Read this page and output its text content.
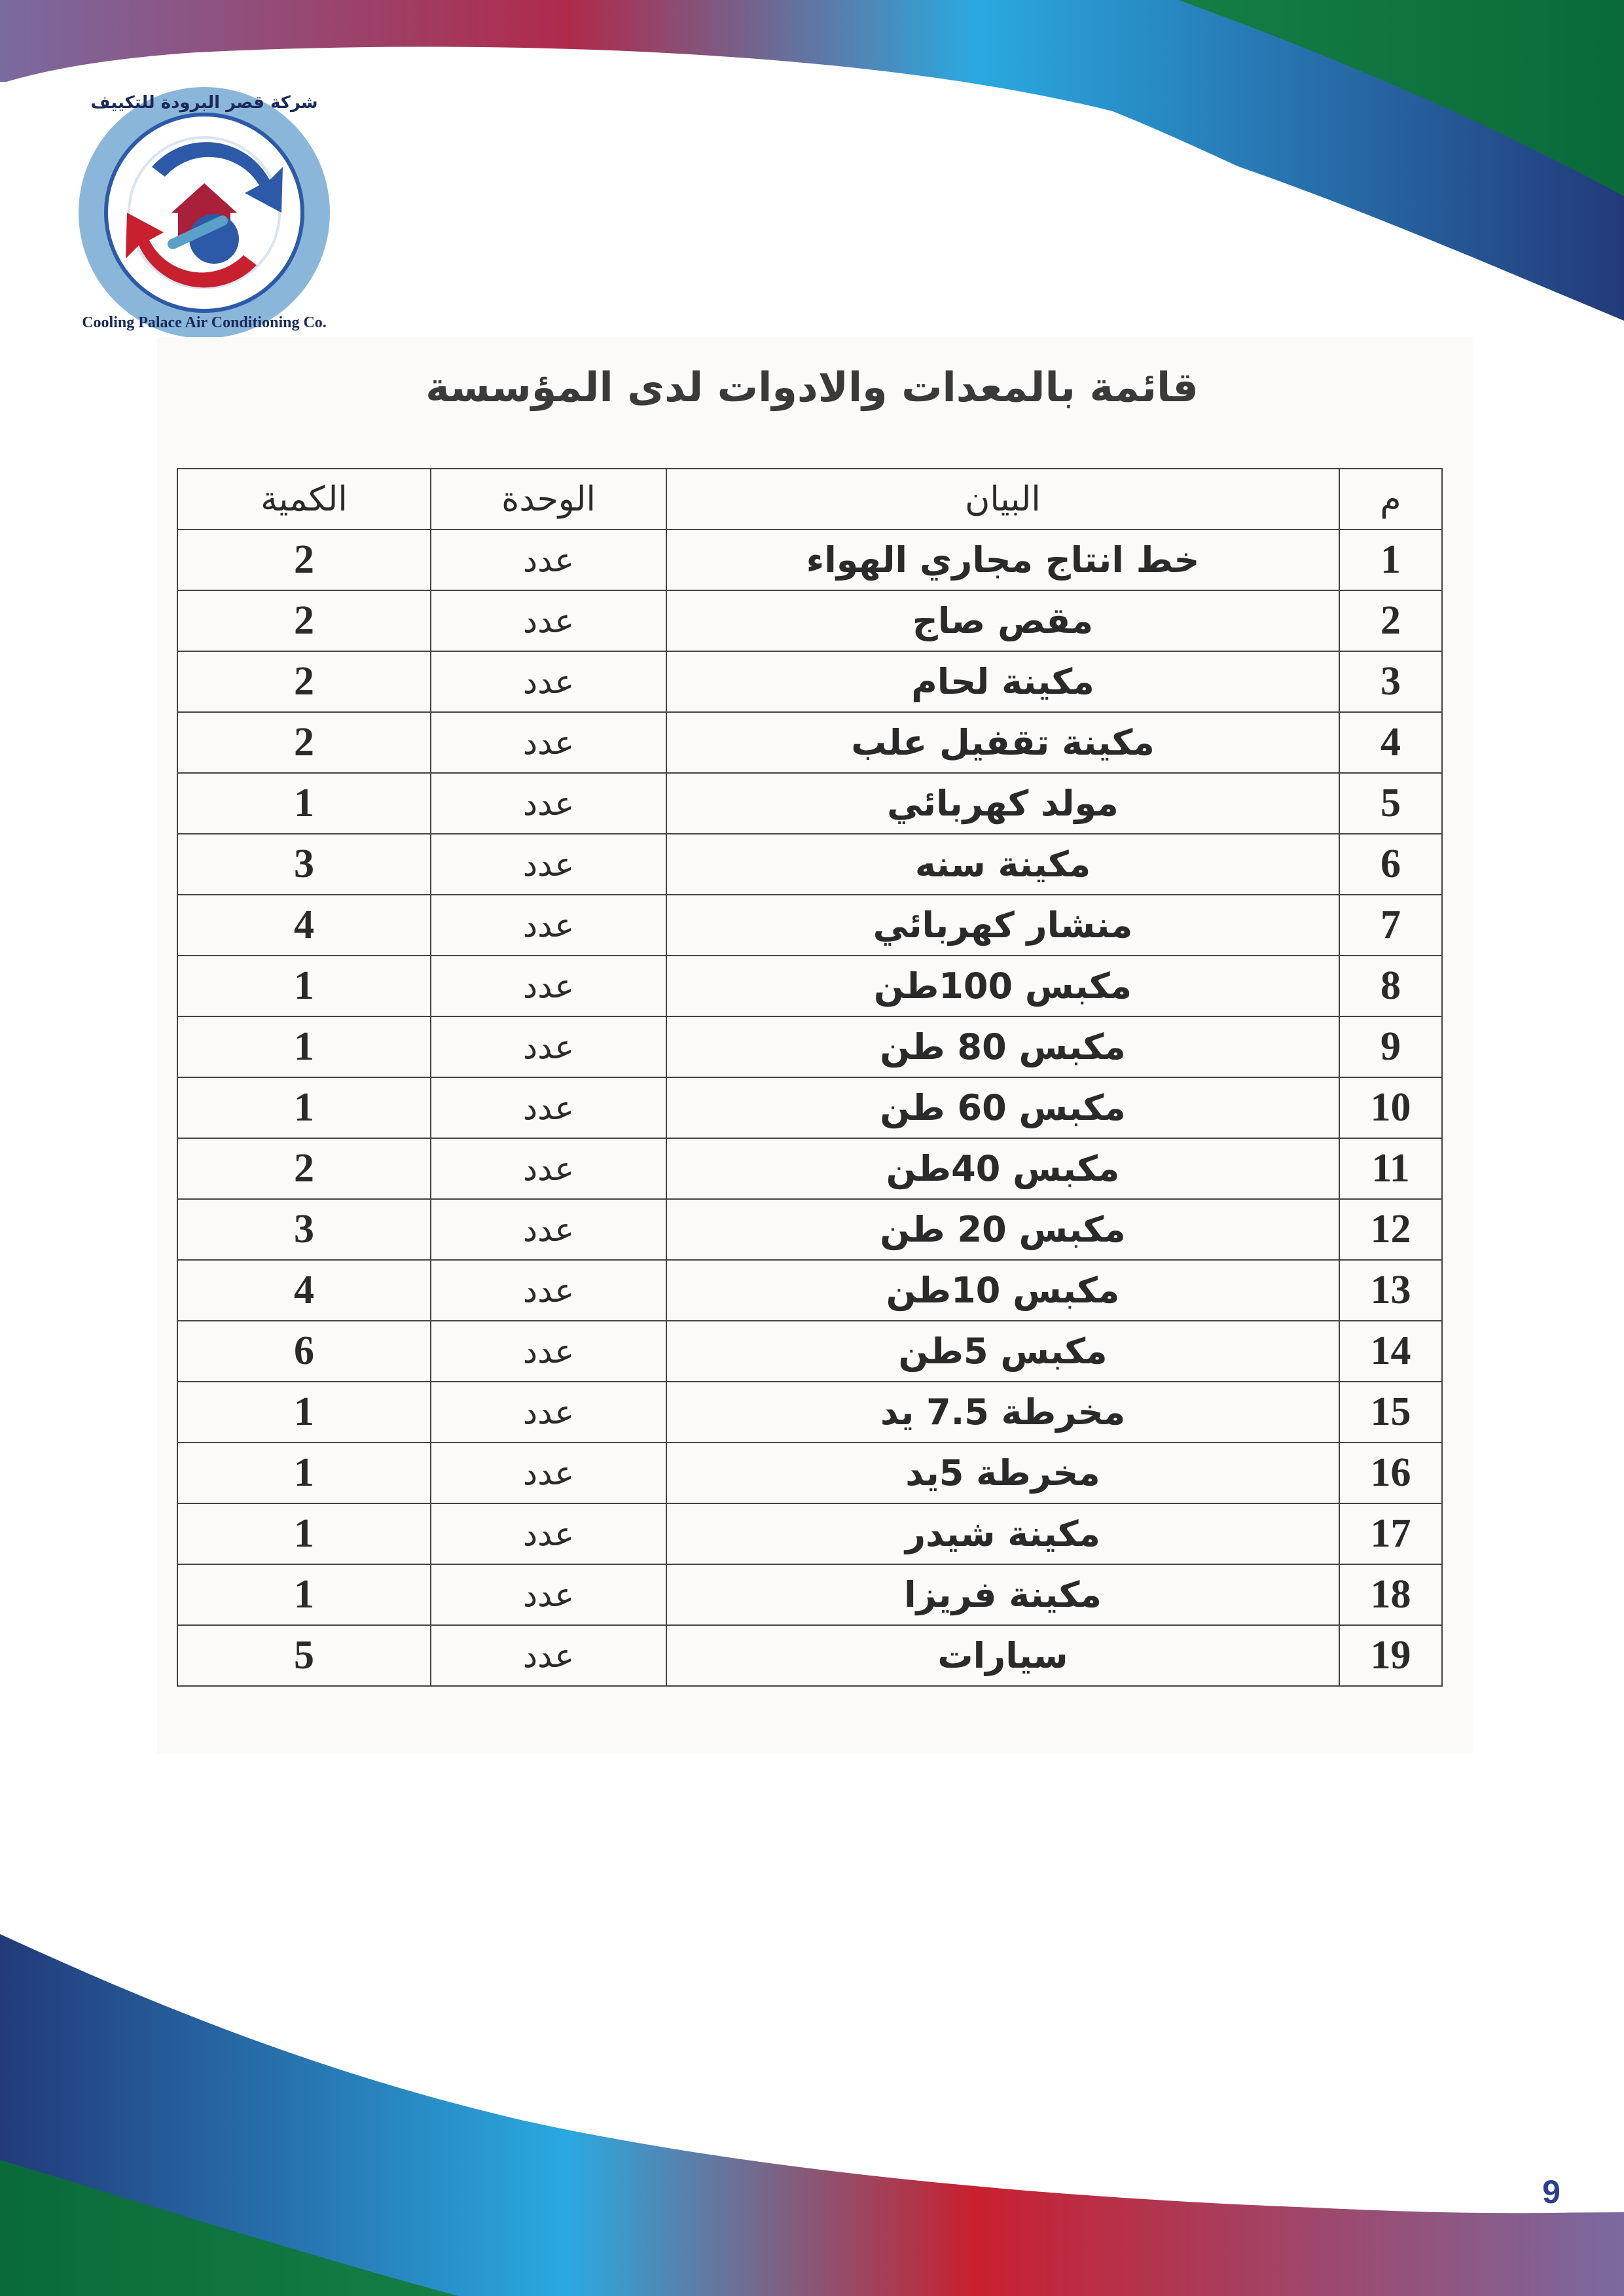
Cooling Palace Air Conditioning Co.
شركة قصر البرودة للتكييف
قائمة بالمعدات والادوات لدى المؤسسة
م	البيان	الوحدة	الكمية
1	خط انتاج مجاري الهواء	عدد	2
2	مقص صاج	عدد	2
3	مكينة لحام	عدد	2
4	مكينة تقفيل علب	عدد	2
5	مولد كهربائي	عدد	1
6	مكينة سنه	عدد	3
7	منشار كهربائي	عدد	4
8	مكبس 100طن	عدد	1
9	مكبس 80 طن	عدد	1
10	مكبس 60 طن	عدد	1
11	مكبس 40طن	عدد	2
12	مكبس 20 طن	عدد	3
13	مكبس 10طن	عدد	4
14	مكبس 5طن	عدد	6
15	مخرطة 7.5 يد	عدد	1
16	مخرطة 5يد	عدد	1
17	مكينة شيدر	عدد	1
18	مكينة فريزا	عدد	1
19	سيارات	عدد	5
9
